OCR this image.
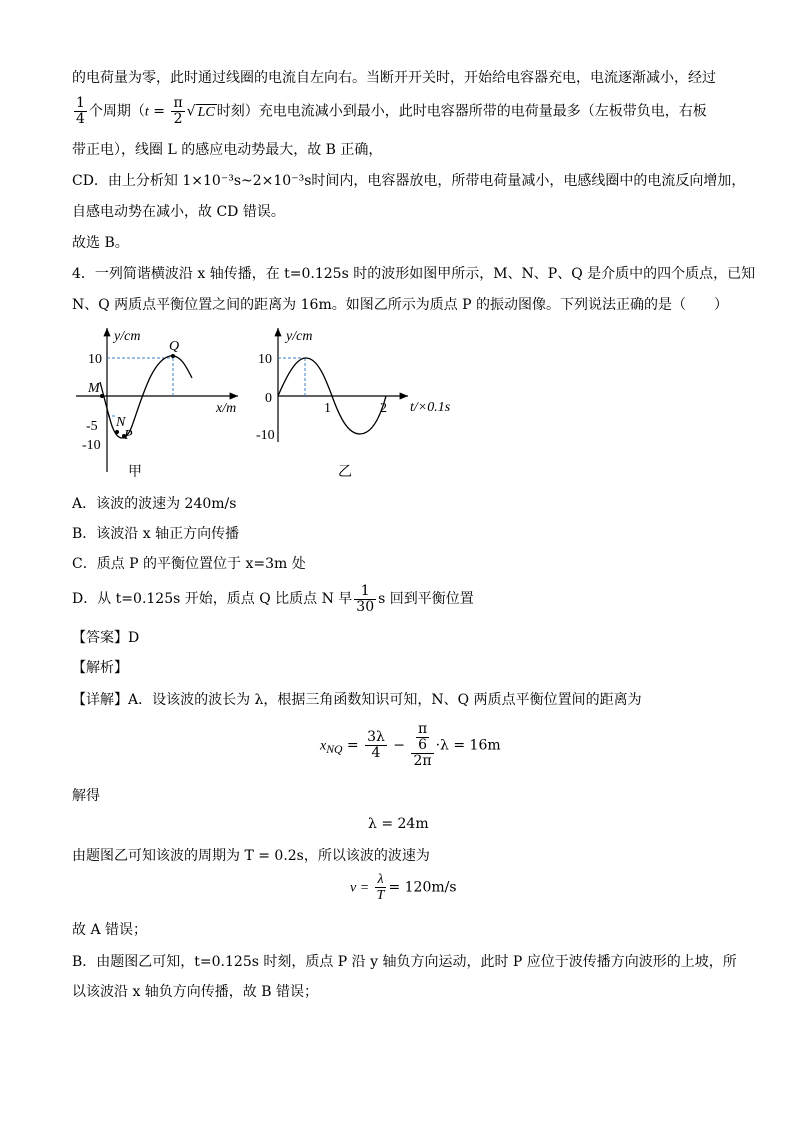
的电荷量为零，此时通过线圈的电流自左向右。当断开开关时，开始给电容器充电，电流逐渐减小，经过
$\frac{1}{4}$ 个周期（$t = \frac{\pi}{2}$ √ LC 时刻）充电电流减小到最小，此时电容器所带的电荷量最多（左板带负电，右板
带正电），线圈 L 的感应电动势最大，故 B 正确，
CD．由上分析知 1×10⁻³s~2×10⁻³s时间内，电容器放电，所带电荷量减小，电感线圈中的电流反向增加，
自感电动势在减小，故 CD 错误。
故选 B。
4．一列简谐横波沿 x 轴传播，在 t=0.125s 时的波形如图甲所示，M、N、P、Q 是介质中的四个质点，已知
N、Q 两质点平衡位置之间的距离为 16m。如图乙所示为质点 P 的振动图像。下列说法正确的是（　　）
y/cm
x/m
10
-5
-10
Q
M
N
P
甲
y/cm
t/×0.1s
10
0
-10
1	2
乙
A．该波的波速为 240m/s
B．该波沿 x 轴正方向传播
C．质点 P 的平衡位置位于 x=3m 处
D．从 t=0.125s 开始，质点 Q 比质点 N 早 $\frac{1}{30}$ s 回到平衡位置
【答案】D
【解析】
【详解】A．设该波的波长为 λ，根据三角函数知识可知，N、Q 两质点平衡位置间的距离为
$x_{NQ} = \frac{3\lambda}{4} - \frac{\frac{\pi}{6}}{2\pi} \cdot\lambda = 16m$
解得
λ = 24m
由题图乙可知该波的周期为 T = 0.2s，所以该波的波速为
$v = \frac{\lambda}{T} = 120m/s$
故 A 错误；
B．由题图乙可知，t=0.125s 时刻，质点 P 沿 y 轴负方向运动，此时 P 应位于波传播方向波形的上坡，所
以该波沿 x 轴负方向传播，故 B 错误；
